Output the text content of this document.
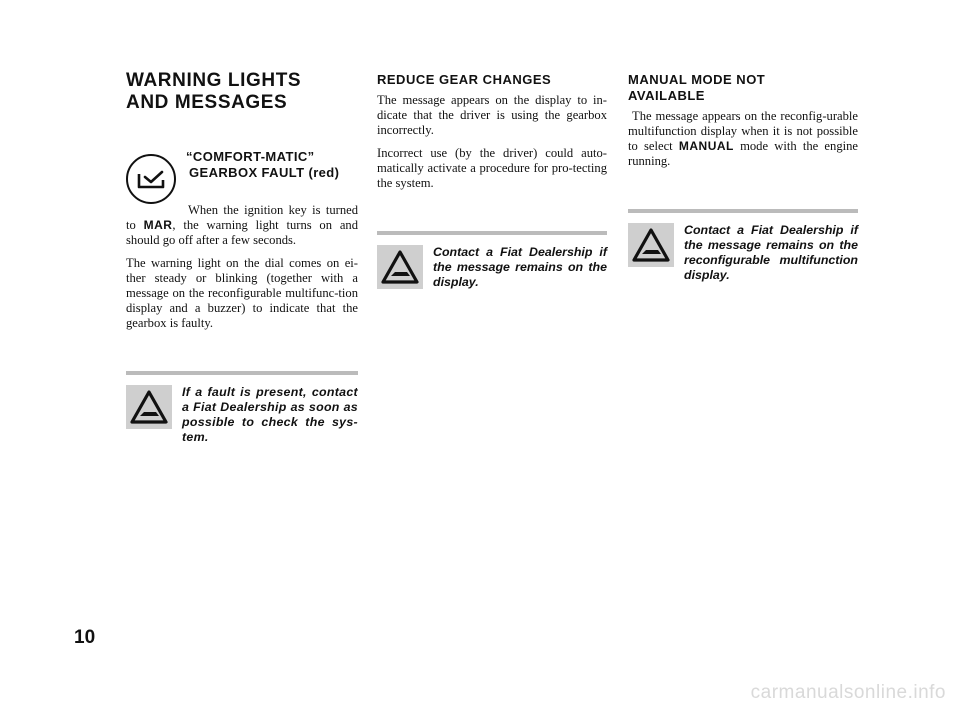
WARNING LIGHTS
AND MESSAGES
“COMFORT-MATIC”
GEARBOX FAULT (red)

When the ignition key is turned to MAR, the warning light turns on and should go off after a few seconds.

The warning light on the dial comes on ei-ther steady or blinking (together with a message on the reconfigurable multifunc-tion display and a buzzer) to indicate that the gearbox is faulty.

If a fault is present, contact a Fiat Dealership as soon as possible to check the sys-tem.
REDUCE GEAR CHANGES

The message appears on the display to in-dicate that the driver is using the gearbox incorrectly.

Incorrect use (by the driver) could auto-matically activate a procedure for pro-tecting the system.

Contact a Fiat Dealership if the message remains on the display.
MANUAL MODE NOT
AVAILABLE

The message appears on the reconfig-urable multifunction display when it is not possible to select MANUAL mode with the engine running.

Contact a Fiat Dealership if the message remains on the reconfigurable multifunction display.
10
carmanualsonline.info
